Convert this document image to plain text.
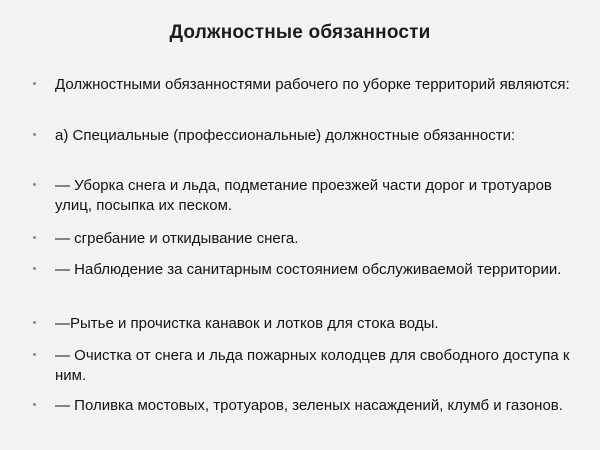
Должностные обязанности
Должностными обязанностями рабочего по уборке территорий являются:
а) Специальные (профессиональные) должностные обязанности:
— Уборка снега и льда, подметание проезжей части дорог и тротуаров улиц, посыпка их песком.
— сгребание и откидывание снега.
— Наблюдение за санитарным состоянием обслуживаемой территории.
—Рытье и прочистка канавок и лотков для стока воды.
— Очистка от снега и льда пожарных колодцев для свободного доступа к ним.
— Поливка мостовых, тротуаров, зеленых насаждений, клумб и газонов.
